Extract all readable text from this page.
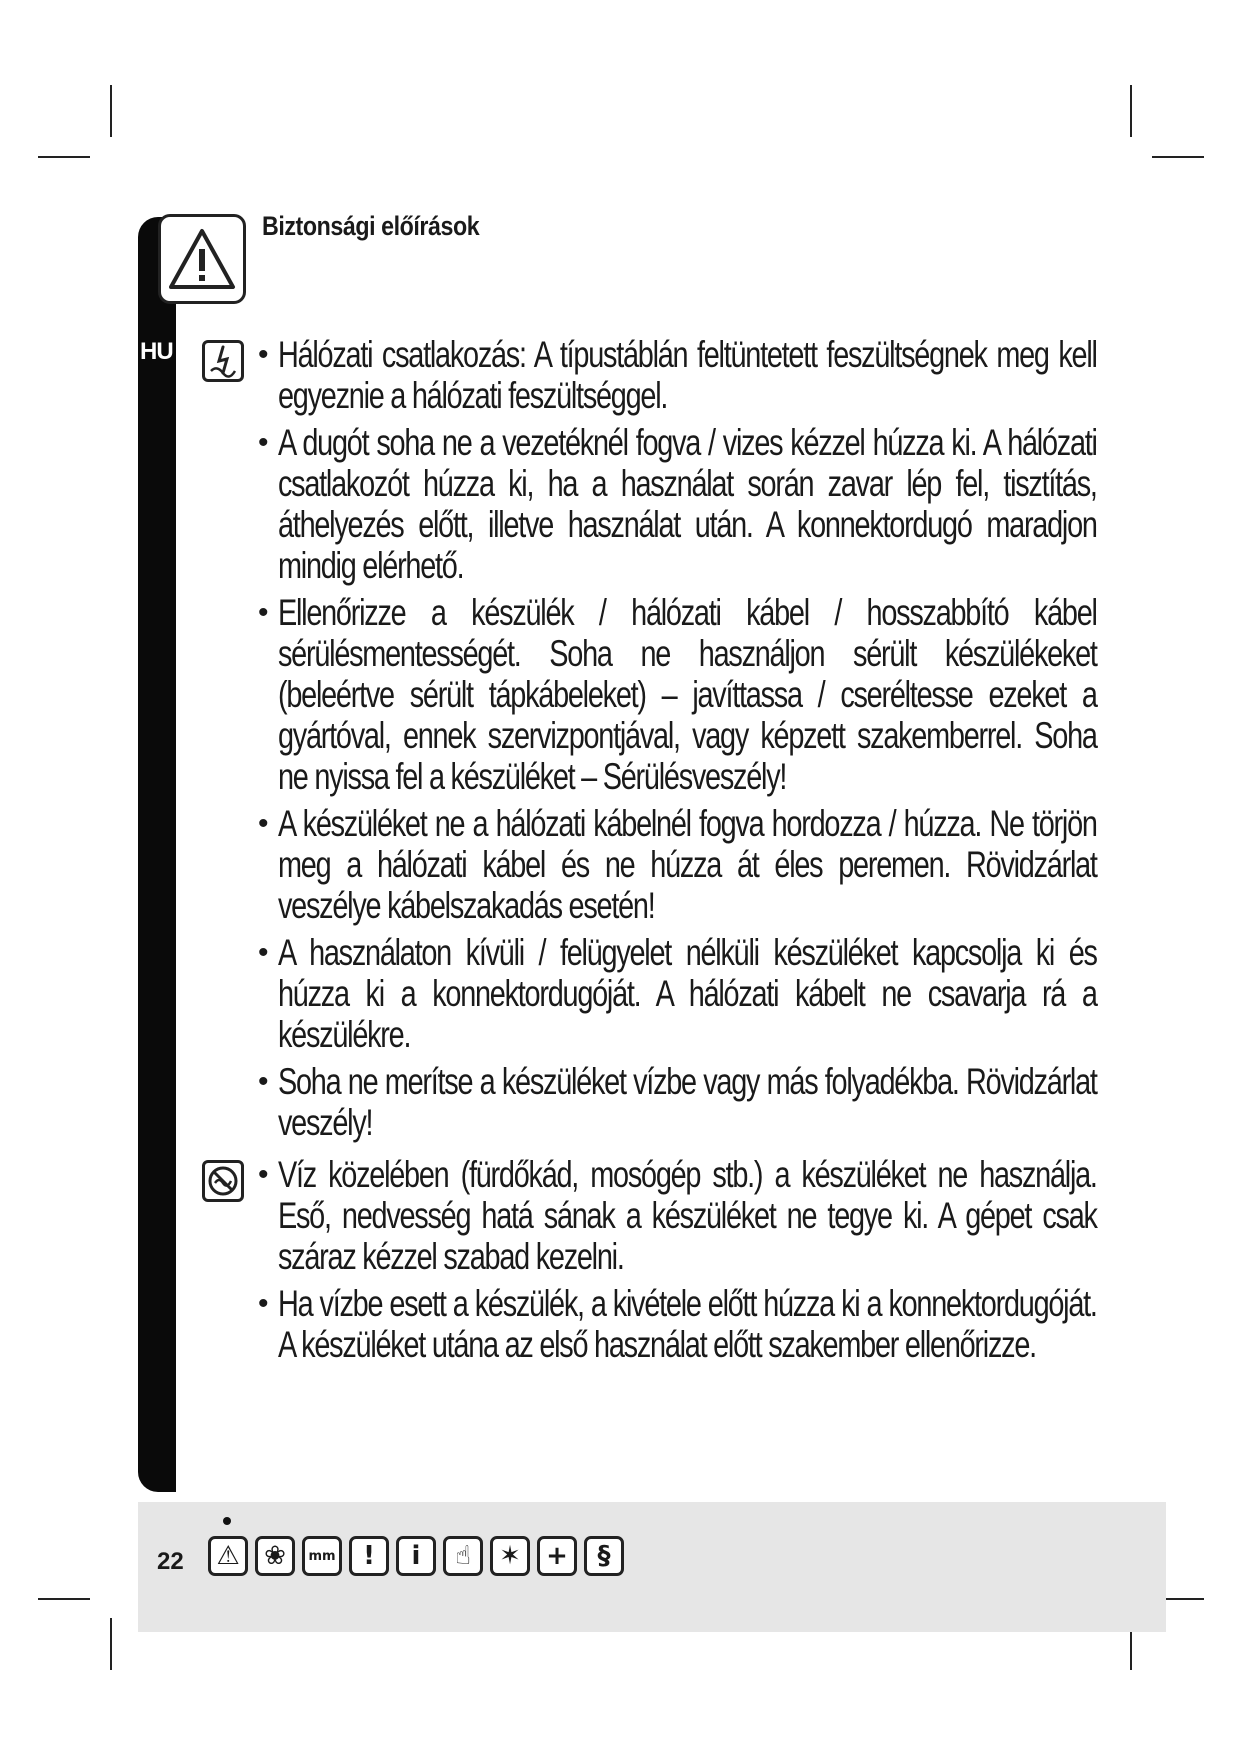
HU
Biztonsági előírások
• Hálózati csatlakozás: A típustáblán feltüntetett feszültségnek meg kell egyeznie a hálózati feszültséggel.
• A dugót soha ne a vezetéknél fogva / vizes kézzel húzza ki. A hálózati csatlakozót húzza ki, ha a használat során zavar lép fel, tisztítás, áthelyezés előtt, illetve használat után. A konnektordugó maradjon mindig elérhető.
• Ellenőrizze a készülék / hálózati kábel / hosszabbító kábel sérülésmentességét. Soha ne használjon sérült készülékeket (beleértve sérült tápkábeleket) – javíttassa / cseréltesse ezeket a gyártóval, ennek szervizpontjával, vagy képzett szakemberrel. Soha ne nyissa fel a készüléket – Sérülésveszély!
• A készüléket ne a hálózati kábelnél fogva hordozza / húzza. Ne törjön meg a hálózati kábel és ne húzza át éles peremen. Rövidzárlat veszélye kábelszakadás esetén!
• A használaton kívüli / felügyelet nélküli készüléket kapcsolja ki és húzza ki a konnektordugóját. A hálózati kábelt ne csavarja rá a készülékre.
• Soha ne merítse a készüléket vízbe vagy más folyadékba. Rövidzárlat veszély!
• Víz közelében (fürdőkád, mosógép stb.) a készüléket ne használja. Eső, nedvesség hatá sának a készüléket ne tegye ki. A gépet csak száraz kézzel szabad kezelni.
• Ha vízbe esett a készülék, a kivétele előtt húzza ki a konnektordugóját. A készüléket utána az első használat előtt szakember ellenőrizze.
22	⚠ ❀	mm	!	i	☝	✶ +	§
